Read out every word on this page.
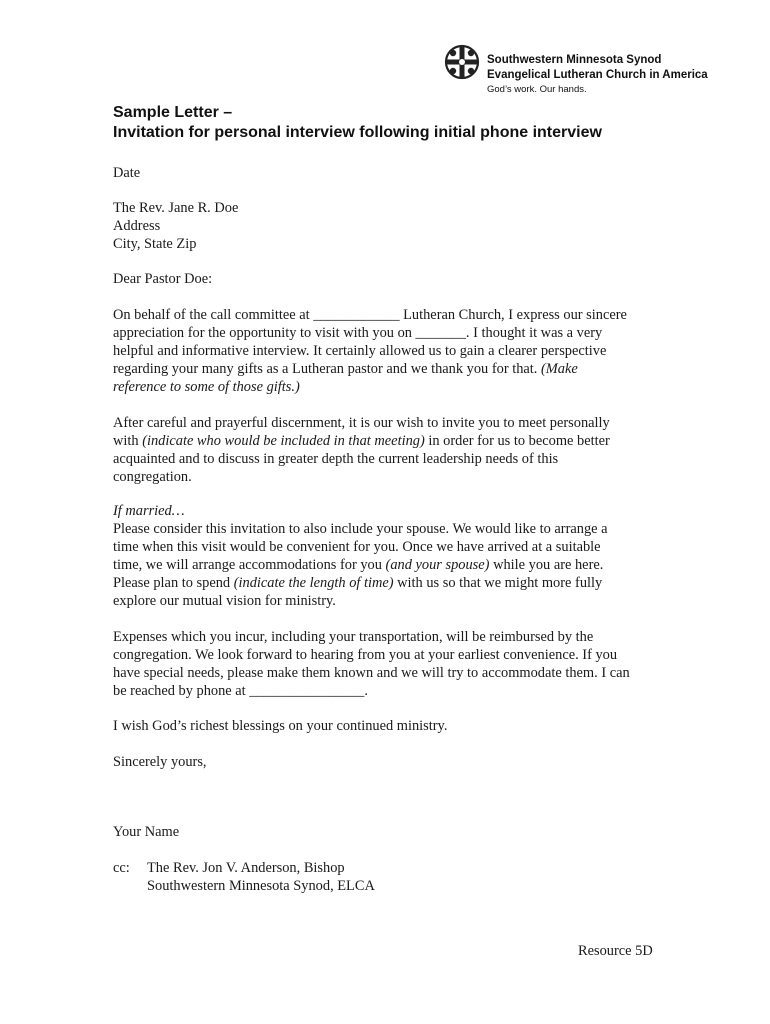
Southwestern Minnesota Synod
Evangelical Lutheran Church in America
God’s work. Our hands.
Sample Letter –
Invitation for personal interview following initial phone interview
Date
The Rev. Jane R. Doe
Address
City, State Zip
Dear Pastor Doe:
On behalf of the call committee at ____________ Lutheran Church, I express our sincere
appreciation for the opportunity to visit with you on _______. I thought it was a very
helpful and informative interview. It certainly allowed us to gain a clearer perspective
regarding your many gifts as a Lutheran pastor and we thank you for that. (Make
reference to some of those gifts.)
After careful and prayerful discernment, it is our wish to invite you to meet personally
with (indicate who would be included in that meeting) in order for us to become better
acquainted and to discuss in greater depth the current leadership needs of this
congregation.
If married…
Please consider this invitation to also include your spouse. We would like to arrange a
time when this visit would be convenient for you. Once we have arrived at a suitable
time, we will arrange accommodations for you (and your spouse) while you are here.
Please plan to spend (indicate the length of time) with us so that we might more fully
explore our mutual vision for ministry.
Expenses which you incur, including your transportation, will be reimbursed by the
congregation. We look forward to hearing from you at your earliest convenience. If you
have special needs, please make them known and we will try to accommodate them. I can
be reached by phone at ________________.
I wish God’s richest blessings on your continued ministry.
Sincerely yours,
Your Name
cc: The Rev. Jon V. Anderson, Bishop
Southwestern Minnesota Synod, ELCA
Resource 5D
